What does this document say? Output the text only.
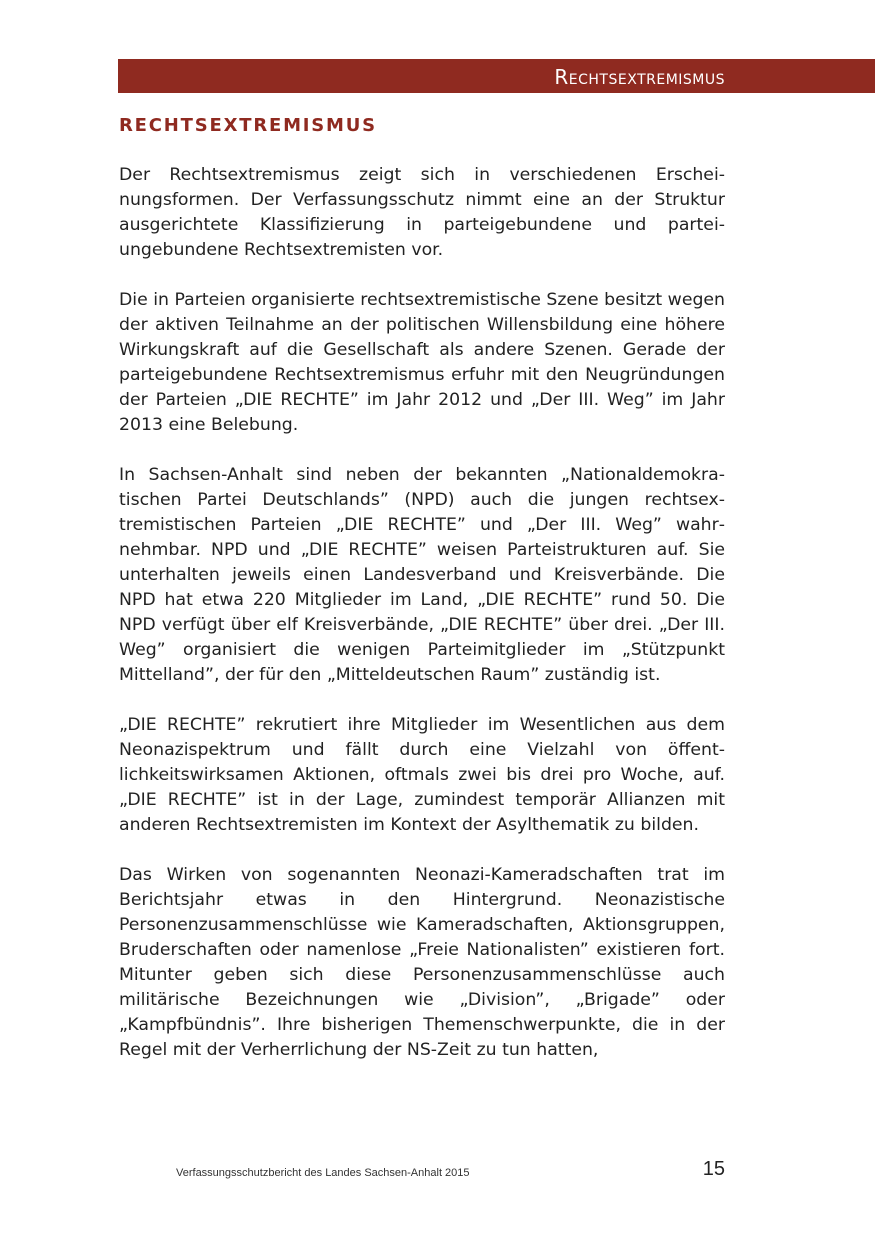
Rechtsextremismus
RECHTSEXTREMISMUS

Der Rechtsextremismus zeigt sich in verschiedenen Erscheinungsformen. Der Verfassungsschutz nimmt eine an der Struktur ausgerichtete Klassifizierung in parteigebundene und parteiungebundene Rechtsextremisten vor.

Die in Parteien organisierte rechtsextremistische Szene besitzt wegen der aktiven Teilnahme an der politischen Willensbildung eine höhere Wirkungskraft auf die Gesellschaft als andere Szenen. Gerade der parteigebundene Rechtsextremismus erfuhr mit den Neugründungen der Parteien „DIE RECHTE” im Jahr 2012 und „Der III. Weg” im Jahr 2013 eine Belebung.

In Sachsen-Anhalt sind neben der bekannten „Nationaldemokratischen Partei Deutschlands” (NPD) auch die jungen rechtsextremistischen Parteien „DIE RECHTE” und „Der III. Weg” wahrnehmbar. NPD und „DIE RECHTE” weisen Parteistrukturen auf. Sie unterhalten jeweils einen Landesverband und Kreisverbände. Die NPD hat etwa 220 Mitglieder im Land, „DIE RECHTE” rund 50. Die NPD verfügt über elf Kreisverbände, „DIE RECHTE” über drei. „Der III. Weg” organisiert die wenigen Parteimitglieder im „Stützpunkt Mittelland”, der für den „Mitteldeutschen Raum” zuständig ist.

„DIE RECHTE” rekrutiert ihre Mitglieder im Wesentlichen aus dem Neonazispektrum und fällt durch eine Vielzahl von öffentlichkeitswirksamen Aktionen, oftmals zwei bis drei pro Woche, auf. „DIE RECHTE” ist in der Lage, zumindest temporär Allianzen mit anderen Rechtsextremisten im Kontext der Asylthematik zu bilden.

Das Wirken von sogenannten Neonazi-Kameradschaften trat im Berichtsjahr etwas in den Hintergrund. Neonazistische Personenzusammenschlüsse wie Kameradschaften, Aktionsgruppen, Bruderschaften oder namenlose „Freie Nationalisten” existieren fort. Mitunter geben sich diese Personenzusammenschlüsse auch militärische Bezeichnungen wie „Division”, „Brigade” oder „Kampfbündnis”. Ihre bisherigen Themenschwerpunkte, die in der Regel mit der Verherrlichung der NS-Zeit zu tun hatten,

Verfassungsschutzbericht des Landes Sachsen-Anhalt 2015	15
